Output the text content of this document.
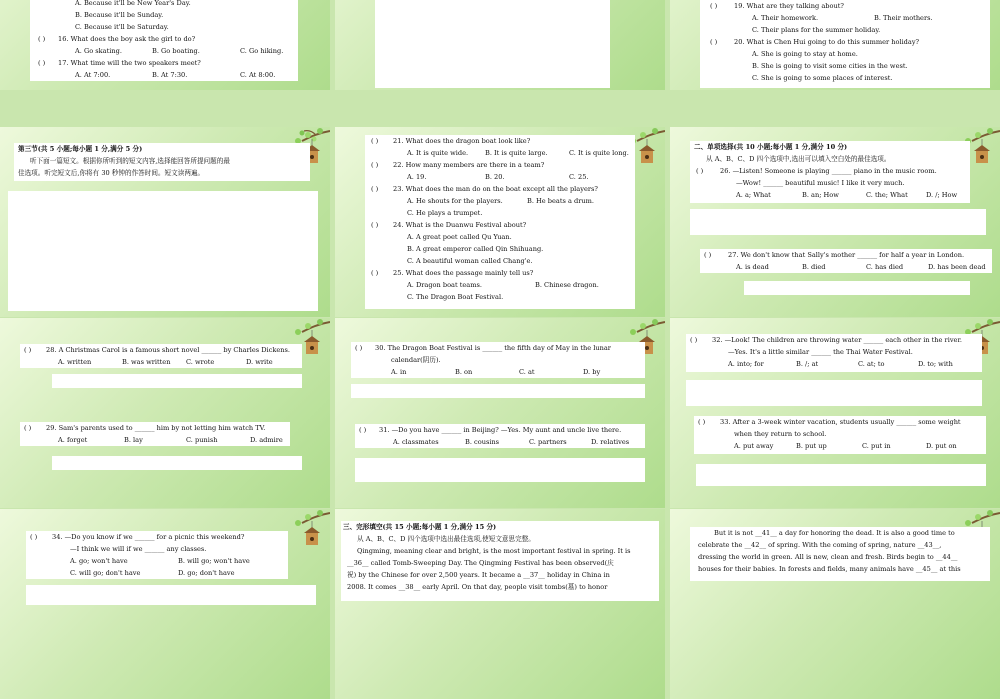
A. Because it'll be New Year's Day.
B. Because it'll be Sunday.
C. Because it'll be Saturday.
( ) 16. What does the boy ask the girl to do?
A. Go skating.	B. Go boating.	C. Go hiking.
( ) 17. What time will the two speakers meet?
A. At 7:00.	B. At 7:30.	C. At 8:00.
( )	19. What are they talking about?
A. Their homework.	B. Their mothers.
C. Their plans for the summer holiday.
( )	20. What is Chen Hui going to do this summer holiday?
A. She is going to stay at home.
B. She is going to visit some cities in the west.
C. She is going to some places of interest.
第三节(共 5 小题;每小题 1 分,满分 5 分)
听下面一篇短文。根据你所听到的短文内容,选择能回答所提问题的最
佳选项。听完短文后,你将有 30 秒钟的作答时间。短文读两遍。
( ) 21. What does the dragon boat look like?
A. It is quite wide.	B. It is quite large.	C. It is quite long.
( ) 22. How many members are there in a team?
A. 19.	B. 20.	C. 25.
( ) 23. What does the man do on the boat except all the players?
A. He shouts for the players.	B. He beats a drum.
C. He plays a trumpet.
( ) 24. What is the Duanwu Festival about?
A. A great poet called Qu Yuan.
B. A great emperor called Qin Shihuang.
C. A beautiful woman called Chang'e.
( ) 25. What does the passage mainly tell us?
A. Dragon boat teams.	B. Chinese dragon.
C. The Dragon Boat Festival.
二、单项选择(共 10 小题;每小题 1 分,满分 10 分)
从 A、B、C、D 四个选项中,选出可以填入空白处的最佳选项。
( )	26. —Listen! Someone is playing ______ piano in the music room.
—Wow! ______ beautiful music! I like it very much.
A. a; What	B. an; How	C. the; What	D. /; How
( )	27. We don't know that Sally's mother ______ for half a year in London.
A. is dead	B. died	C. has died	D. has been dead
( ) 28. A Christmas Carol is a famous short novel ______ by Charles Dickens.
A. written	B. was written C. wrote	D. write
( ) 29. Sam's parents used to ______ him by not letting him watch TV.
A. forget	B. lay	C. punish	D. admire
( ) 30. The Dragon Boat Festival is ______ the fifth day of May in the lunar
calendar(阴历).
A. in	B. on	C. at	D. by
( ) 31. —Do you have ______ in Beijing? —Yes. My aunt and uncle live there.
A. classmates	B. cousins	C. partners	D. relatives
( ) 32. —Look! The children are throwing water ______ each other in the river.
—Yes. It's a little similar ______ the Thai Water Festival.
A. into; for	B. /; at	C. at; to	D. to; with
( ) 33. After a 3-week winter vacation, students usually ______ some weight
when they return to school.
A. put away	B. put up	C. put in	D. put on
( ) 34. —Do you know if we ______ for a picnic this weekend?
—I think we will if we ______ any classes.
A. go; won't have	B. will go; won't have
C. will go; don't have	D. go; don't have
三、完形填空(共 15 小题;每小题 1 分,满分 15 分)
从 A、B、C、D 四个选项中选出最佳选项,使短文意思完整。
Qingming, meaning clear and bright, is the most important festival in spring. It is
__36__ called Tomb-Sweeping Day. The Qingming Festival has been observed(庆
祝) by the Chinese for over 2,500 years. It became a __37__ holiday in China in
2008. It comes __38__ early April. On that day, people visit tombs(墓) to honor
But it is not __41__ a day for honoring the dead. It is also a good time to
celebrate the __42__ of spring. With the coming of spring, nature __43__,
dressing the world in green. All is new, clean and fresh. Birds begin to __44__
houses for their babies. In forests and fields, many animals have __45__ at this
